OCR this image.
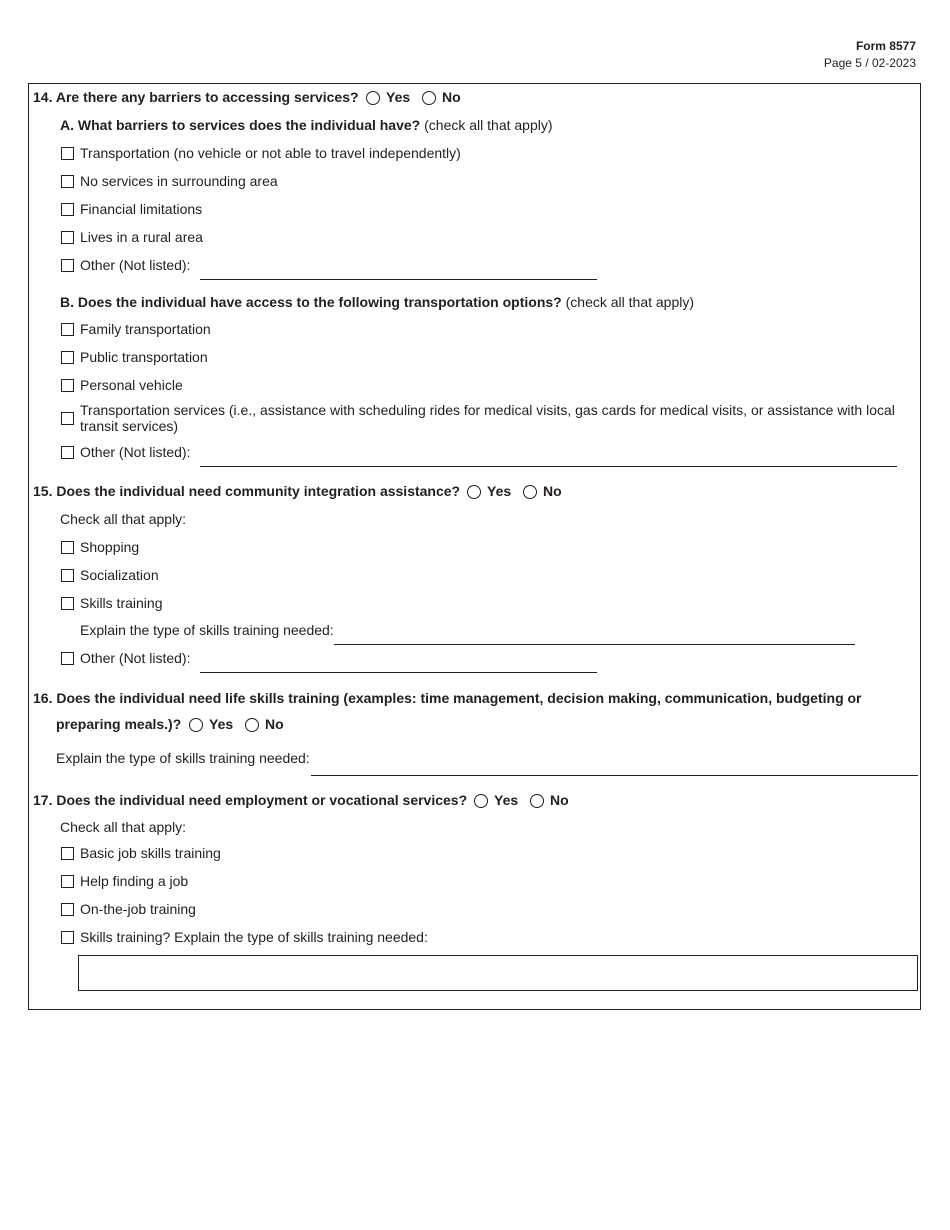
Form 8577
Page 5 / 02-2023
14. Are there any barriers to accessing services? Yes No
A. What barriers to services does the individual have? (check all that apply)
Transportation (no vehicle or not able to travel independently)
No services in surrounding area
Financial limitations
Lives in a rural area
Other (Not listed):
B. Does the individual have access to the following transportation options? (check all that apply)
Family transportation
Public transportation
Personal vehicle
Transportation services (i.e., assistance with scheduling rides for medical visits, gas cards for medical visits, or assistance with local transit services)
Other (Not listed):
15. Does the individual need community integration assistance? Yes No
Check all that apply:
Shopping
Socialization
Skills training
Explain the type of skills training needed:
Other (Not listed):
16. Does the individual need life skills training (examples: time management, decision making, communication, budgeting or
preparing meals.)? Yes No
Explain the type of skills training needed:
17. Does the individual need employment or vocational services? Yes No
Check all that apply:
Basic job skills training
Help finding a job
On-the-job training
Skills training? Explain the type of skills training needed:
